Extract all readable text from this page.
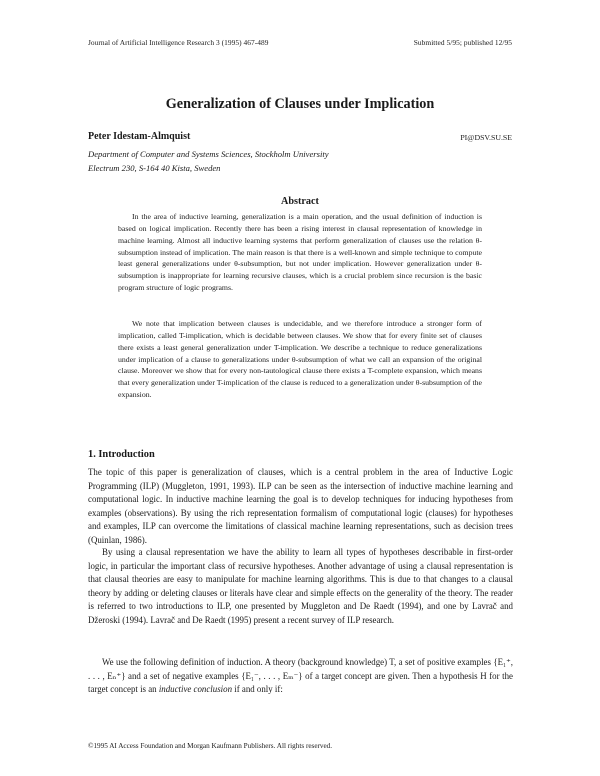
Journal of Artificial Intelligence Research 3 (1995) 467-489	Submitted 5/95; published 12/95
Generalization of Clauses under Implication
Peter Idestam-Almquist	PI@DSV.SU.SE
Department of Computer and Systems Sciences, Stockholm University
Electrum 230, S-164 40 Kista, Sweden
Abstract

In the area of inductive learning, generalization is a main operation, and the usual definition of induction is based on logical implication. Recently there has been a rising interest in clausal representation of knowledge in machine learning. Almost all inductive learning systems that perform generalization of clauses use the relation θ-subsumption instead of implication. The main reason is that there is a well-known and simple technique to compute least general generalizations under θ-subsumption, but not under implication. However generalization under θ-subsumption is inappropriate for learning recursive clauses, which is a crucial problem since recursion is the basic program structure of logic programs.

We note that implication between clauses is undecidable, and we therefore introduce a stronger form of implication, called T-implication, which is decidable between clauses. We show that for every finite set of clauses there exists a least general generalization under T-implication. We describe a technique to reduce generalizations under implication of a clause to generalizations under θ-subsumption of what we call an expansion of the original clause. Moreover we show that for every non-tautological clause there exists a T-complete expansion, which means that every generalization under T-implication of the clause is reduced to a generalization under θ-subsumption of the expansion.

1. Introduction

The topic of this paper is generalization of clauses, which is a central problem in the area of Inductive Logic Programming (ILP) (Muggleton, 1991, 1993). ILP can be seen as the intersection of inductive machine learning and computational logic. In inductive machine learning the goal is to develop techniques for inducing hypotheses from examples (observations). By using the rich representation formalism of computational logic (clauses) for hypotheses and examples, ILP can overcome the limitations of classical machine learning representations, such as decision trees (Quinlan, 1986).

By using a clausal representation we have the ability to learn all types of hypotheses describable in first-order logic, in particular the important class of recursive hypotheses. Another advantage of using a clausal representation is that clausal theories are easy to manipulate for machine learning algorithms. This is due to that changes to a clausal theory by adding or deleting clauses or literals have clear and simple effects on the generality of the theory. The reader is referred to two introductions to ILP, one presented by Muggleton and De Raedt (1994), and one by Lavrač and Džeroski (1994). Lavrač and De Raedt (1995) present a recent survey of ILP research.

We use the following definition of induction. A theory (background knowledge) T, a set of positive examples {E₁⁺, . . . , Eₙ⁺} and a set of negative examples {E₁⁻, . . . , Eₘ⁻} of a target concept are given. Then a hypothesis H for the target concept is an inductive conclusion if and only if:

©1995 AI Access Foundation and Morgan Kaufmann Publishers. All rights reserved.
